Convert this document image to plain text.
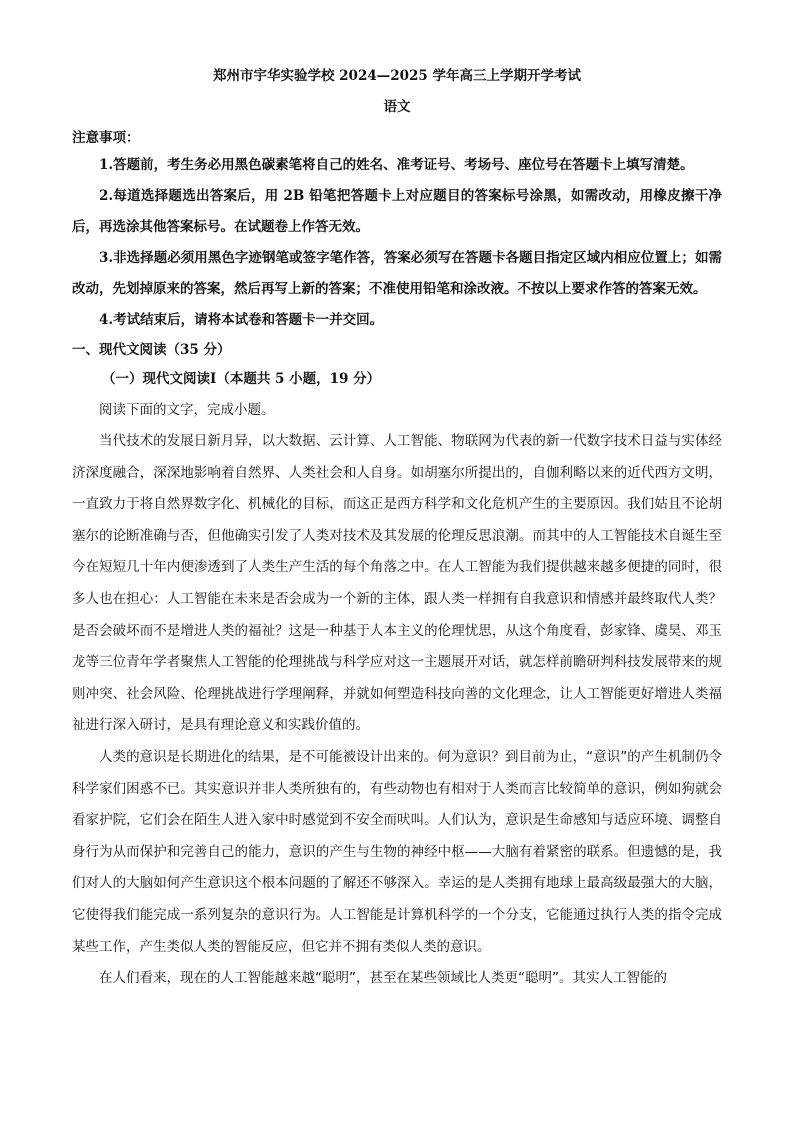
郑州市宇华实验学校 2024—2025 学年高三上学期开学考试

语文

注意事项：

1.答题前，考生务必用黑色碳素笔将自己的姓名、准考证号、考场号、座位号在答题卡上填写清楚。

2.每道选择题选出答案后，用 2B 铅笔把答题卡上对应题目的答案标号涂黑，如需改动，用橡皮擦干净后，再选涂其他答案标号。在试题卷上作答无效。

3.非选择题必须用黑色字迹钢笔或签字笔作答，答案必须写在答题卡各题目指定区域内相应位置上；如需改动，先划掉原来的答案，然后再写上新的答案；不准使用铅笔和涂改液。不按以上要求作答的答案无效。

4.考试结束后，请将本试卷和答题卡一并交回。

一、现代文阅读（35 分）

（一）现代文阅读Ⅰ（本题共 5 小题，19 分）

阅读下面的文字，完成小题。

当代技术的发展日新月异，以大数据、云计算、人工智能、物联网为代表的新一代数字技术日益与实体经济深度融合，深深地影响着自然界、人类社会和人自身。如胡塞尔所提出的，自伽利略以来的近代西方文明，一直致力于将自然界数字化、机械化的目标，而这正是西方科学和文化危机产生的主要原因。我们姑且不论胡塞尔的论断准确与否，但他确实引发了人类对技术及其发展的伦理反思浪潮。而其中的人工智能技术自诞生至今在短短几十年内便渗透到了人类生产生活的每个角落之中。在人工智能为我们提供越来越多便捷的同时，很多人也在担心：人工智能在未来是否会成为一个新的主体，跟人类一样拥有自我意识和情感并最终取代人类？是否会破坏而不是增进人类的福祉？这是一种基于人本主义的伦理忧思，从这个角度看，彭家锋、虞昊、邓玉龙等三位青年学者聚焦人工智能的伦理挑战与科学应对这一主题展开对话，就怎样前瞻研判科技发展带来的规则冲突、社会风险、伦理挑战进行学理阐释，并就如何塑造科技向善的文化理念，让人工智能更好增进人类福祉进行深入研讨，是具有理论意义和实践价值的。

人类的意识是长期进化的结果，是不可能被设计出来的。何为意识？到目前为止，“意识”的产生机制仍令科学家们困惑不已。其实意识并非人类所独有的，有些动物也有相对于人类而言比较简单的意识，例如狗就会看家护院，它们会在陌生人进入家中时感觉到不安全而吠叫。人们认为，意识是生命感知与适应环境、调整自身行为从而保护和完善自己的能力，意识的产生与生物的神经中枢——大脑有着紧密的联系。但遗憾的是，我们对人的大脑如何产生意识这个根本问题的了解还不够深入。幸运的是人类拥有地球上最高级最强大的大脑，它使得我们能完成一系列复杂的意识行为。人工智能是计算机科学的一个分支，它能通过执行人类的指令完成某些工作，产生类似人类的智能反应，但它并不拥有类似人类的意识。

在人们看来，现在的人工智能越来越“聪明”，甚至在某些领域比人类更“聪明”。其实人工智能的
